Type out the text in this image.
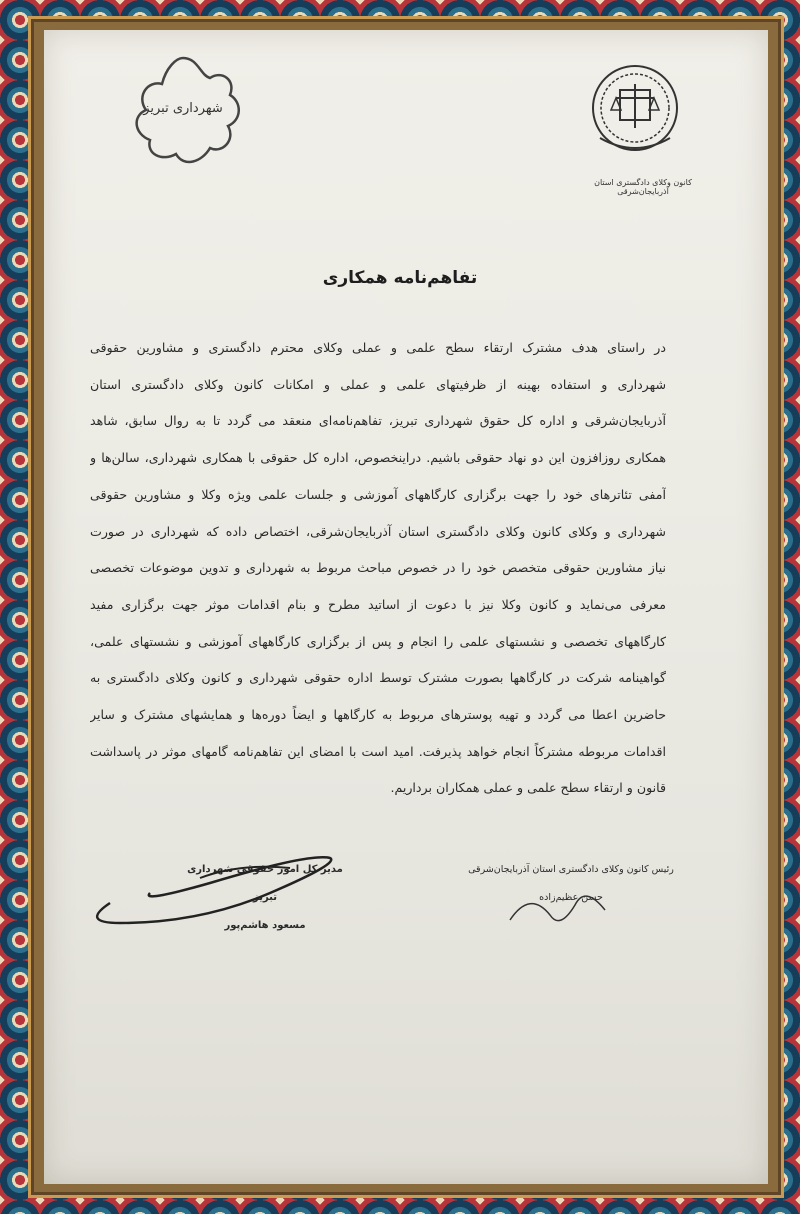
کانون وکلای دادگستری استان آذربایجان‌شرقی
شهرداری تبریز
تفاهم‌نامه همکاری
در راستای هدف مشترک ارتقاء سطح علمی و عملی وکلای محترم دادگستری و مشاورین حقوقی
شهرداری و استفاده بهینه از ظرفیتهای علمی و عملی و امکانات کانون وکلای دادگستری استان
آذربایجان‌شرقی و اداره کل حقوق شهرداری تبریز، تفاهم‌نامه‌ای منعقد می گردد تا به روال سابق، شاهد
همکاری روزافزون این دو نهاد حقوقی باشیم. دراینخصوص، اداره کل حقوقی با همکاری شهرداری، سالن‌ها و
آمفی تئاترهای خود را جهت برگزاری کارگاههای آموزشی و جلسات علمی ویژه وکلا و مشاورین حقوقی
شهرداری و وکلای کانون وکلای دادگستری استان آذربایجان‌شرقی، اختصاص داده که شهرداری در صورت
نیاز مشاورین حقوقی متخصص خود را در خصوص مباحث مربوط به شهرداری و تدوین موضوعات تخصصی
معرفی می‌نماید و کانون وکلا نیز با دعوت از اساتید مطرح و بنام اقدامات موثر جهت برگزاری مفید
کارگاههای تخصصی و نشستهای علمی را انجام و پس از برگزاری کارگاههای آموزشی و نشستهای علمی،
گواهینامه شرکت در کارگاهها بصورت مشترک توسط اداره حقوقی شهرداری و کانون وکلای دادگستری به
حاضرین اعطا می گردد و تهیه پوسترهای مربوط به کارگاهها و ایضاً دوره‌ها و همایشهای مشترک و سایر
اقدامات مربوطه مشترکاً انجام خواهد پذیرفت. امید است با امضای این تفاهم‌نامه گامهای موثر در پاسداشت
قانون و ارتقاء سطح علمی و عملی همکاران برداریم.
رئیس کانون وکلای دادگستری استان آذربایجان‌شرقی
حسن عظیم‌زاده
مدیر کل امور حقوقی شهرداری تبریز
مسعود هاشم‌پور
